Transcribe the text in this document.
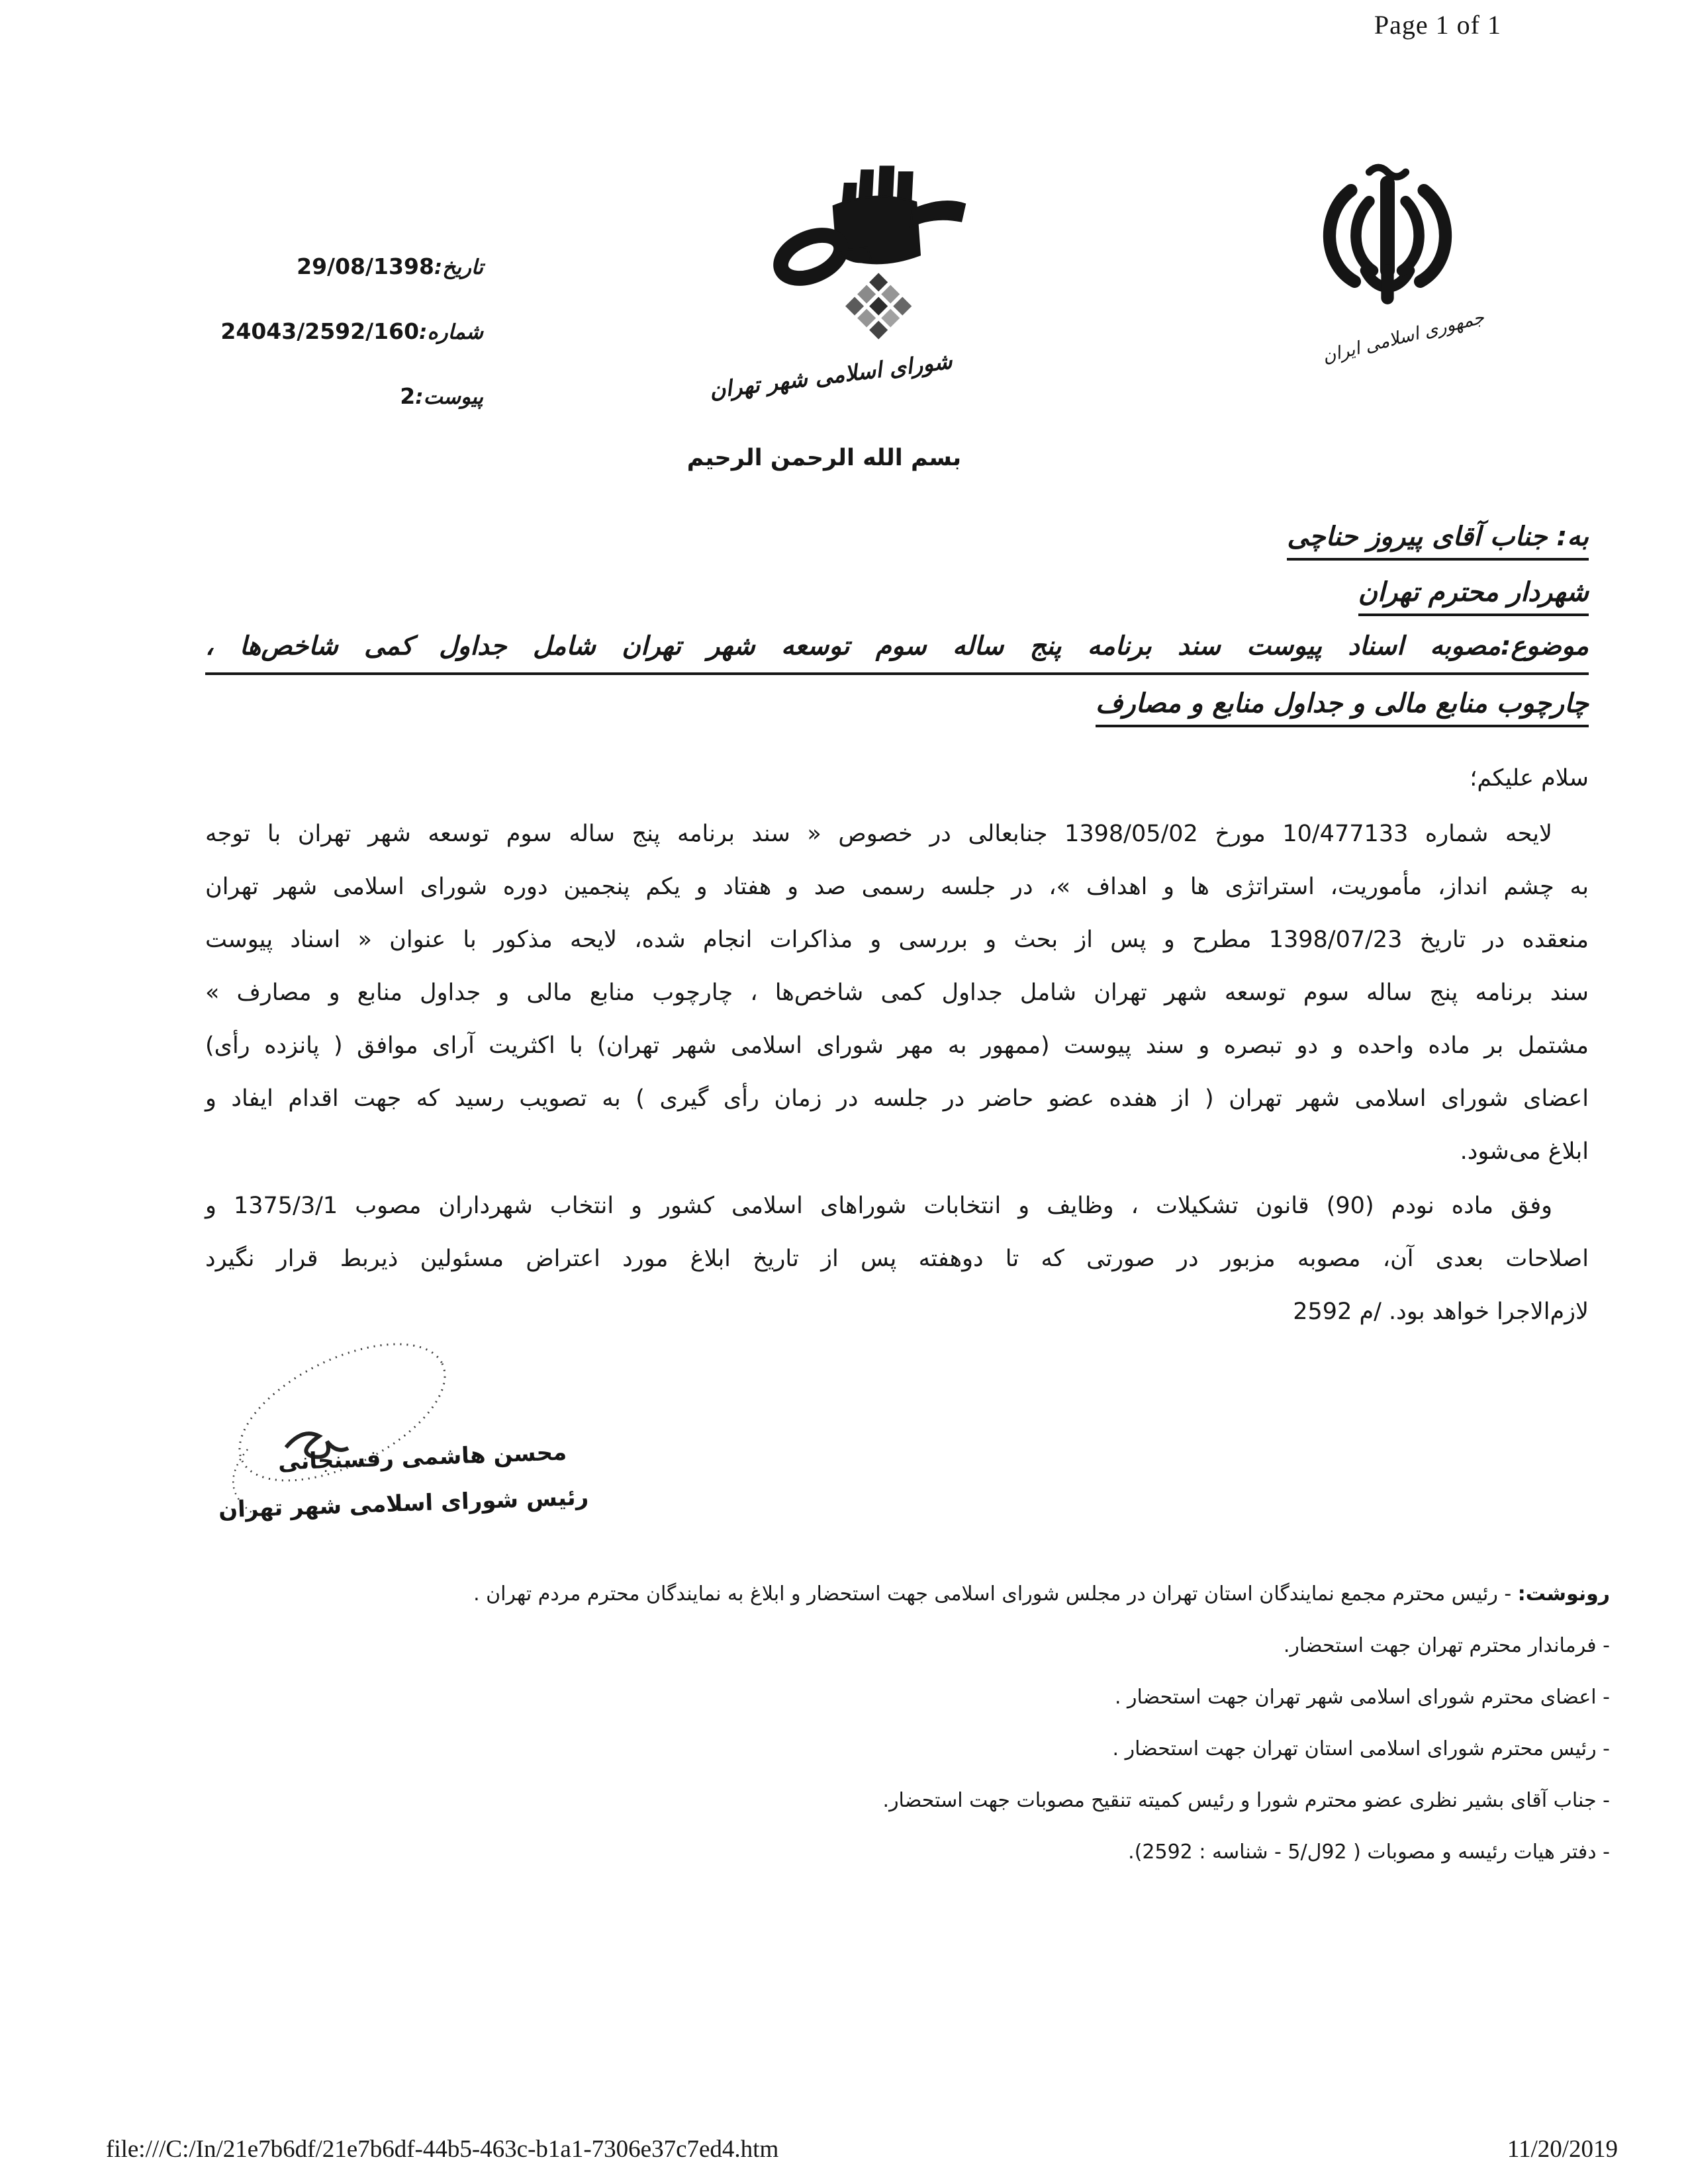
Page 1 of 1
تاریخ:29/08/1398
شماره:24043/2592/160
پیوست:2	شورای اسلامی شهر تهران
جمهوری اسلامی ایران
بسم الله الرحمن الرحیم
به: جناب آقای پیروز حناچی
شهردار محترم تهران
موضوع:مصوبه اسناد پیوست سند برنامه پنج ساله سوم توسعه شهر تهران شامل جداول کمی شاخص‌ها ،
چارچوب منابع مالی و جداول منابع و مصارف
سلام علیکم؛
لایحه شماره 10/477133 مورخ 1398/05/02 جنابعالی در خصوص « سند برنامه پنج ساله سوم توسعه شهر تهران با توجه
به چشم انداز، مأموریت، استراتژی ها و اهداف »، در جلسه رسمی صد و هفتاد و یکم پنجمین دوره شورای اسلامی شهر تهران
منعقده در تاریخ 1398/07/23 مطرح و پس از بحث و بررسی و مذاکرات انجام شده، لایحه مذکور با عنوان « اسناد پیوست
سند برنامه پنج ساله سوم توسعه شهر تهران شامل جداول کمی شاخص‌ها ، چارچوب منابع مالی و جداول منابع و مصارف »
مشتمل بر ماده واحده و دو تبصره و سند پیوست (ممهور به مهر شورای اسلامی شهر تهران) با اکثریت آرای موافق ( پانزده رأی)
اعضای شورای اسلامی شهر تهران ( از هفده عضو حاضر در جلسه در زمان رأی گیری ) به تصویب رسید که جهت اقدام ایفاد و
ابلاغ می‌شود.
وفق ماده نودم (90) قانون تشکیلات ، وظایف و انتخابات شوراهای اسلامی کشور و انتخاب شهرداران مصوب 1375/3/1 و
اصلاحات بعدی آن، مصوبه مزبور در صورتی که تا دوهفته پس از تاریخ ابلاغ مورد اعتراض مسئولین ذیربط قرار نگیرد
لازم‌الاجرا خواهد بود. /م 2592
محسن هاشمی رفسنجانی
رئیس شورای اسلامی شهر تهران
رونوشت: - رئیس محترم مجمع نمایندگان استان تهران در مجلس شورای اسلامی جهت استحضار و ابلاغ به نمایندگان محترم مردم تهران .
- فرماندار محترم تهران جهت استحضار.
- اعضای محترم شورای اسلامی شهر تهران جهت استحضار .
- رئیس محترم شورای اسلامی استان تهران جهت استحضار .
- جناب آقای بشیر نظری عضو محترم شورا و رئیس کمیته تنقیح مصوبات جهت استحضار.
- دفتر هیات رئیسه و مصوبات ( 92ل/5 - شناسه : 2592).
file:///C:/In/21e7b6df/21e7b6df-44b5-463c-b1a1-7306e37c7ed4.htm	11/20/2019
